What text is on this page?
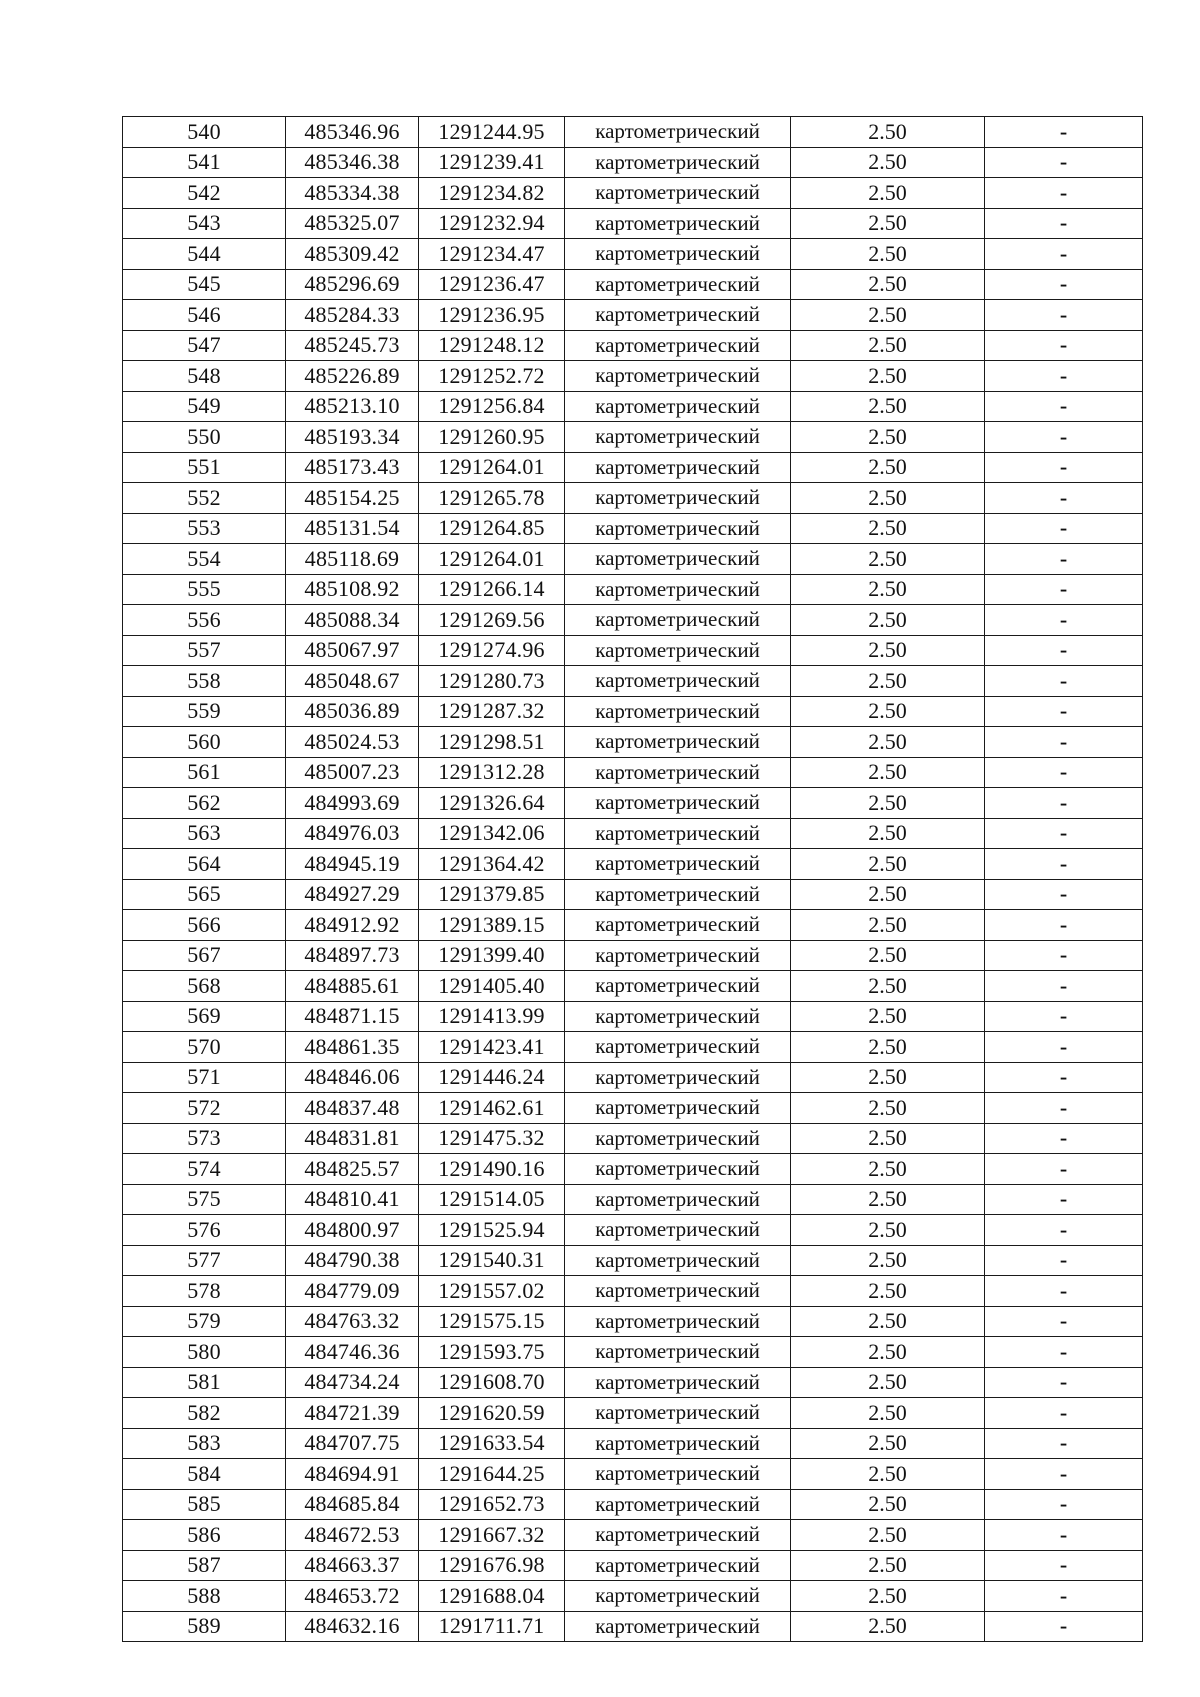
540	485346.96	1291244.95	картометрический	2.50	-
541	485346.38	1291239.41	картометрический	2.50	-
542	485334.38	1291234.82	картометрический	2.50	-
543	485325.07	1291232.94	картометрический	2.50	-
544	485309.42	1291234.47	картометрический	2.50	-
545	485296.69	1291236.47	картометрический	2.50	-
546	485284.33	1291236.95	картометрический	2.50	-
547	485245.73	1291248.12	картометрический	2.50	-
548	485226.89	1291252.72	картометрический	2.50	-
549	485213.10	1291256.84	картометрический	2.50	-
550	485193.34	1291260.95	картометрический	2.50	-
551	485173.43	1291264.01	картометрический	2.50	-
552	485154.25	1291265.78	картометрический	2.50	-
553	485131.54	1291264.85	картометрический	2.50	-
554	485118.69	1291264.01	картометрический	2.50	-
555	485108.92	1291266.14	картометрический	2.50	-
556	485088.34	1291269.56	картометрический	2.50	-
557	485067.97	1291274.96	картометрический	2.50	-
558	485048.67	1291280.73	картометрический	2.50	-
559	485036.89	1291287.32	картометрический	2.50	-
560	485024.53	1291298.51	картометрический	2.50	-
561	485007.23	1291312.28	картометрический	2.50	-
562	484993.69	1291326.64	картометрический	2.50	-
563	484976.03	1291342.06	картометрический	2.50	-
564	484945.19	1291364.42	картометрический	2.50	-
565	484927.29	1291379.85	картометрический	2.50	-
566	484912.92	1291389.15	картометрический	2.50	-
567	484897.73	1291399.40	картометрический	2.50	-
568	484885.61	1291405.40	картометрический	2.50	-
569	484871.15	1291413.99	картометрический	2.50	-
570	484861.35	1291423.41	картометрический	2.50	-
571	484846.06	1291446.24	картометрический	2.50	-
572	484837.48	1291462.61	картометрический	2.50	-
573	484831.81	1291475.32	картометрический	2.50	-
574	484825.57	1291490.16	картометрический	2.50	-
575	484810.41	1291514.05	картометрический	2.50	-
576	484800.97	1291525.94	картометрический	2.50	-
577	484790.38	1291540.31	картометрический	2.50	-
578	484779.09	1291557.02	картометрический	2.50	-
579	484763.32	1291575.15	картометрический	2.50	-
580	484746.36	1291593.75	картометрический	2.50	-
581	484734.24	1291608.70	картометрический	2.50	-
582	484721.39	1291620.59	картометрический	2.50	-
583	484707.75	1291633.54	картометрический	2.50	-
584	484694.91	1291644.25	картометрический	2.50	-
585	484685.84	1291652.73	картометрический	2.50	-
586	484672.53	1291667.32	картометрический	2.50	-
587	484663.37	1291676.98	картометрический	2.50	-
588	484653.72	1291688.04	картометрический	2.50	-
589	484632.16	1291711.71	картометрический	2.50	-
